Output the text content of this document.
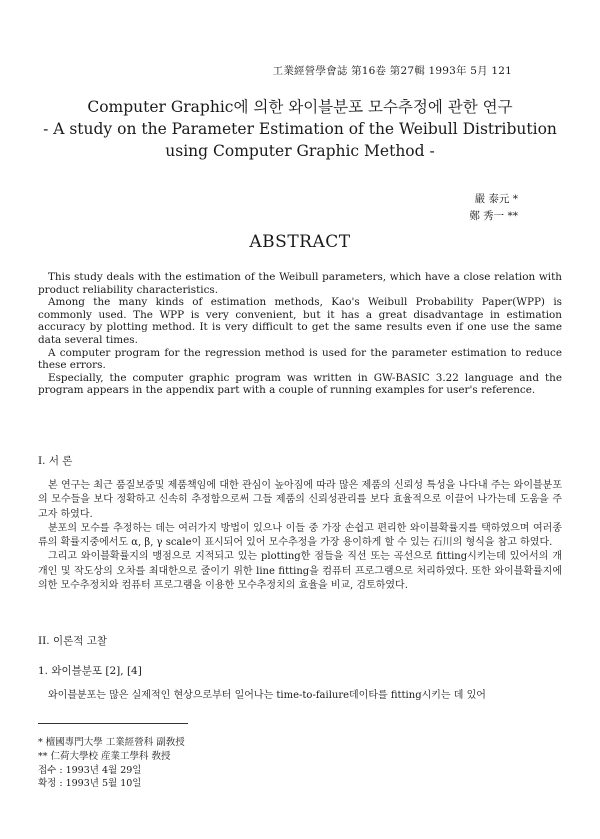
工業經營學會誌 第16卷 第27輯 1993年 5月 121
Computer Graphic에 의한 와이블분포 모수추정에 관한 연구
- A study on the Parameter Estimation of the Weibull Distribution
using Computer Graphic Method -
嚴 泰元 *
鄭 秀一 **
ABSTRACT

This study deals with the estimation of the Weibull parameters, which have a close relation with product reliability characteristics.

Among the many kinds of estimation methods, Kao's Weibull Probability Paper(WPP) is commonly used. The WPP is very convenient, but it has a great disadvantage in estimation accuracy by plotting method. It is very difficult to get the same results even if one use the same data several times.

A computer program for the regression method is used for the parameter estimation to reduce these errors.

Especially, the computer graphic program was written in GW-BASIC 3.22 language and the program appears in the appendix part with a couple of running examples for user's reference.

I. 서 론

본 연구는 최근 품질보증및 제품책임에 대한 관심이 높아짐에 따라 많은 제품의 신뢰성 특성을 나다내 주는 와이블분포의 모수들을 보다 정확하고 신속히 추정함으로써 그들 제품의 신뢰성관리를 보다 효율적으로 이끌어 나가는데 도움을 주고자 하였다.

분포의 모수를 추정하는 데는 여러가지 방법이 있으나 이들 중 가장 손쉽고 편리한 와이블확률지를 택하였으며 여러종류의 확률지중에서도 α, β, γ scale이 표시되어 있어 모수추정을 가장 용이하게 할 수 있는 石川의 형식을 참고 하였다.

그리고 와이블확률지의 맹점으로 지적되고 있는 plotting한 점들을 직선 또는 곡선으로 fitting시키는데 있어서의 개개인 및 작도상의 오차를 최대한으로 줄이기 위한 line fitting을 컴퓨터 프로그램으로 처리하였다. 또한 와이블확률지에 의한 모수추정치와 컴퓨터 프로그램을 이용한 모수추정치의 효율을 비교, 검토하였다.

II. 이론적 고찰
1. 와이블분포 [2], [4]

와이블분포는 많은 실제적인 현상으로부터 일어나는 time-to-failure데이타를 fitting시키는 데 있어

* 檀國專門大學 工業經營科 副敎授
** 仁荷大學校 産業工學科 敎授
접수 : 1993년 4월 29일
확정 : 1993년 5월 10일
